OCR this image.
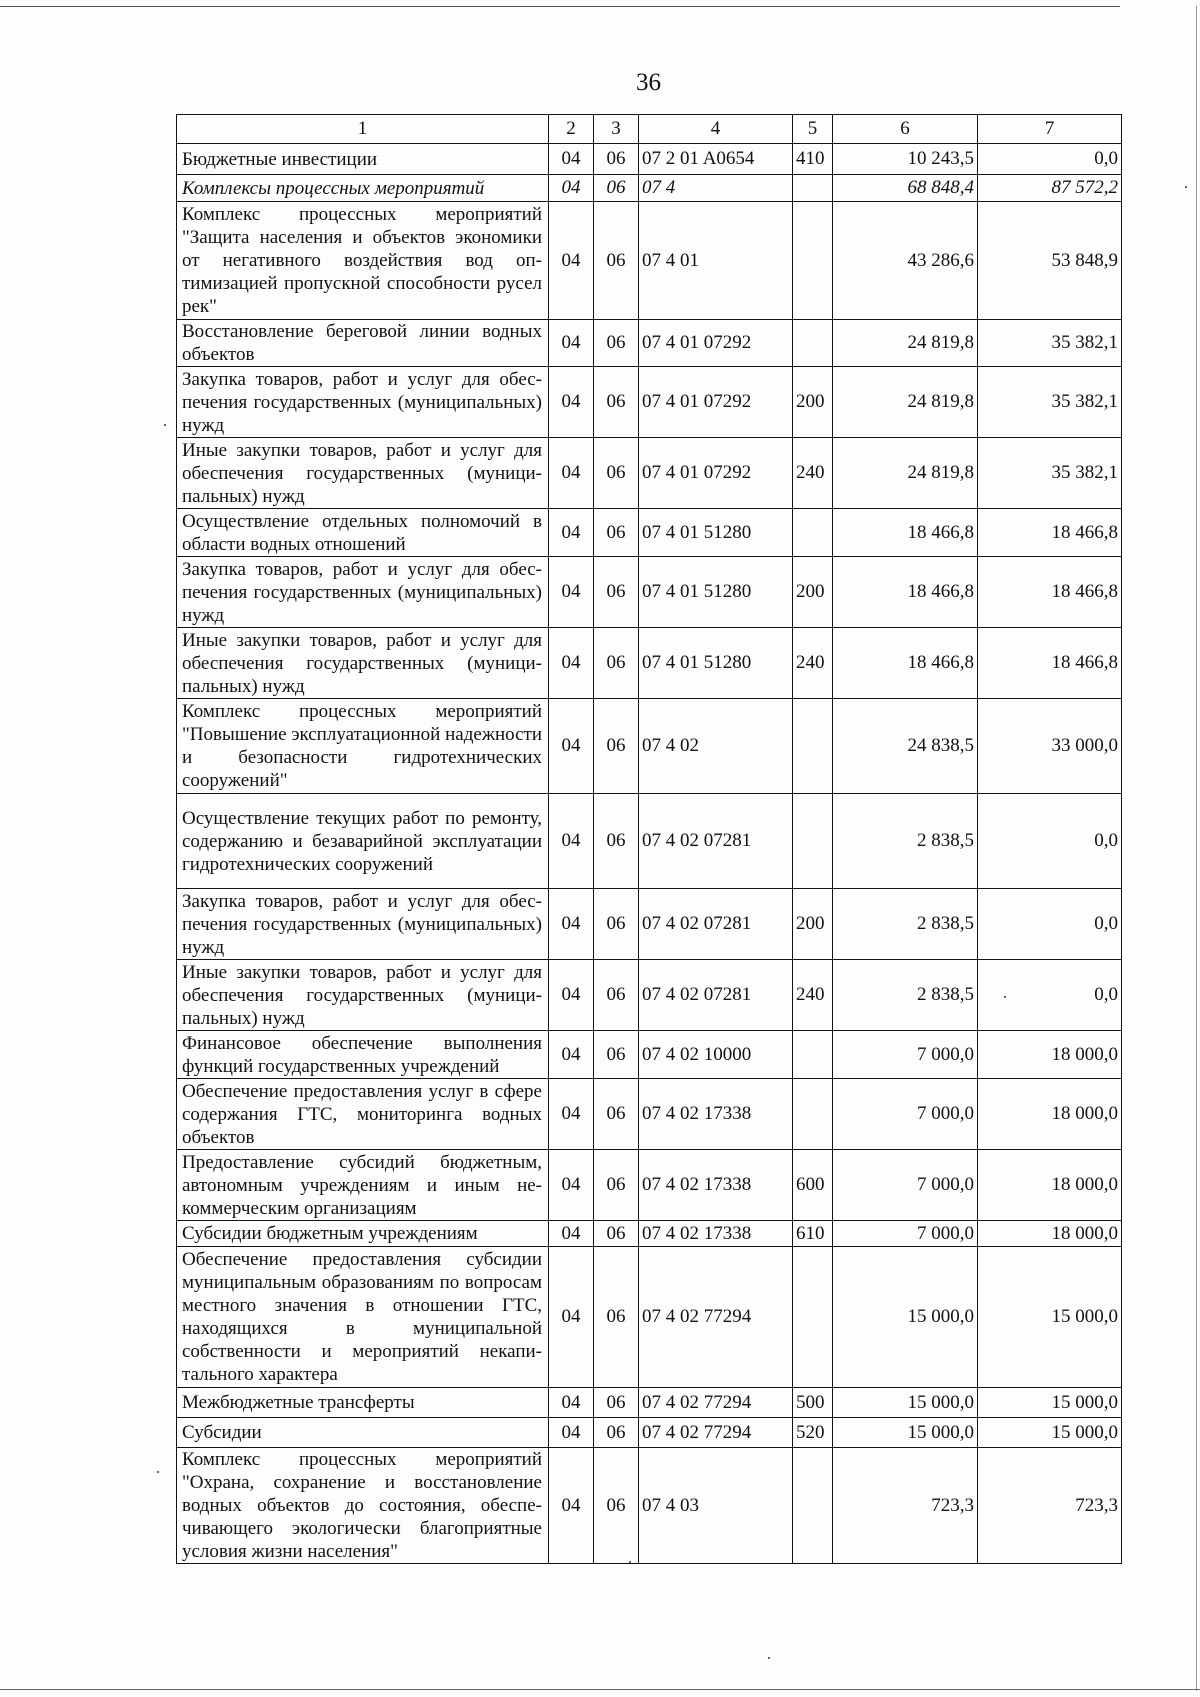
36
1	2	3	4	5	6	7
Бюджетные инвестиции	04	06	07 2 01 A0654	410	10 243,5	0,0
Комплексы процессных мероприятий	04	06	07 4		68 848,4	87 572,2
Комплекс процессных мероприятий "Защита населения и объектов экономики от негативного воздействия вод оптимизацией пропускной способности русел рек"	04	06	07 4 01		43 286,6	53 848,9
Восстановление береговой линии водных объектов	04	06	07 4 01 07292		24 819,8	35 382,1
Закупка товаров, работ и услуг для обеспечения государственных (муниципальных) нужд	04	06	07 4 01 07292	200	24 819,8	35 382,1
Иные закупки товаров, работ и услуг для обеспечения государственных (муниципальных) нужд	04	06	07 4 01 07292	240	24 819,8	35 382,1
Осуществление отдельных полномочий в области водных отношений	04	06	07 4 01 51280		18 466,8	18 466,8
Закупка товаров, работ и услуг для обеспечения государственных (муниципальных) нужд	04	06	07 4 01 51280	200	18 466,8	18 466,8
Иные закупки товаров, работ и услуг для обеспечения государственных (муниципальных) нужд	04	06	07 4 01 51280	240	18 466,8	18 466,8
Комплекс процессных мероприятий "Повышение эксплуатационной надежности и безопасности гидротехнических сооружений"	04	06	07 4 02		24 838,5	33 000,0
Осуществление текущих работ по ремонту, содержанию и безаварийной эксплуатации гидротехнических сооружений	04	06	07 4 02 07281		2 838,5	0,0
Закупка товаров, работ и услуг для обеспечения государственных (муниципальных) нужд	04	06	07 4 02 07281	200	2 838,5	0,0
Иные закупки товаров, работ и услуг для обеспечения государственных (муниципальных) нужд	04	06	07 4 02 07281	240	2 838,5	0,0
Финансовое обеспечение выполнения функций государственных учреждений	04	06	07 4 02 10000		7 000,0	18 000,0
Обеспечение предоставления услуг в сфере содержания ГТС, мониторинга водных объектов	04	06	07 4 02 17338		7 000,0	18 000,0
Предоставление субсидий бюджетным, автономным учреждениям и иным некоммерческим организациям	04	06	07 4 02 17338	600	7 000,0	18 000,0
Субсидии бюджетным учреждениям	04	06	07 4 02 17338	610	7 000,0	18 000,0
Обеспечение предоставления субсидии муниципальным образованиям по вопросам местного значения в отношении ГТС, находящихся в муниципальной собственности и мероприятий некапитального характера	04	06	07 4 02 77294		15 000,0	15 000,0
Межбюджетные трансферты	04	06	07 4 02 77294	500	15 000,0	15 000,0
Субсидии	04	06	07 4 02 77294	520	15 000,0	15 000,0
Комплекс процессных мероприятий "Охрана, сохранение и восстановление водных объектов до состояния, обеспечивающего экологически благоприятные условия жизни населения"	04	06	07 4 03		723,3	723,3
